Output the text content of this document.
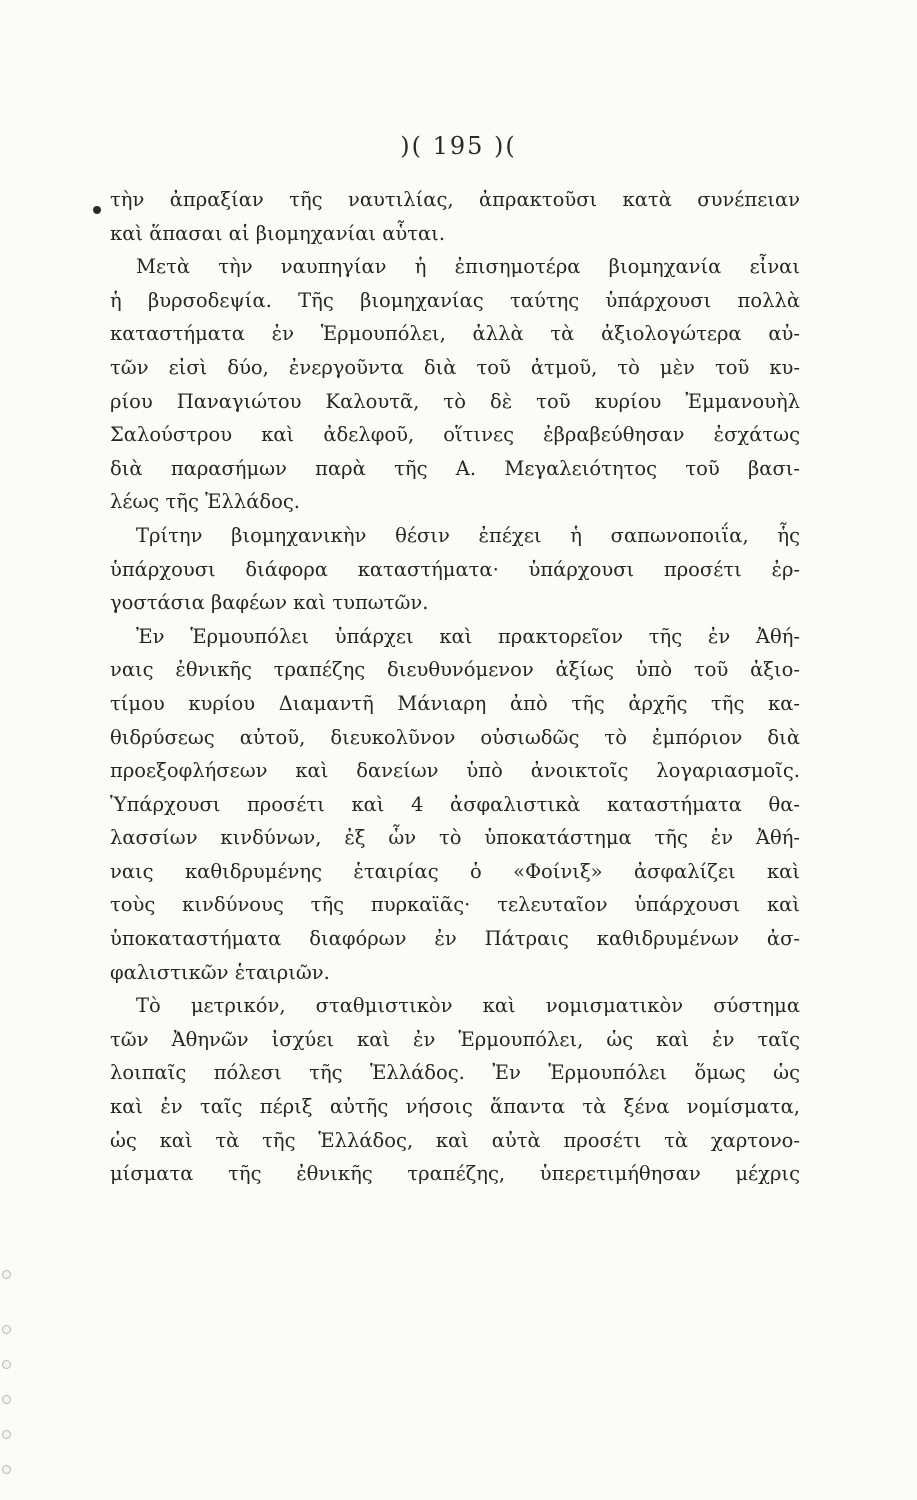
)( 195 )(
τὴν ἀπραξίαν τῆς ναυτιλίας, ἀπρακτοῦσι κατὰ συνέπειαν
καὶ ἅπασαι αἱ βιομηχανίαι αὗται.
Μετὰ τὴν ναυπηγίαν ἡ ἐπισημοτέρα βιομηχανία εἶναι
ἡ βυρσοδεψία. Τῆς βιομηχανίας ταύτης ὑπάρχουσι πολλὰ
καταστήματα ἐν Ἑρμουπόλει, ἀλλὰ τὰ ἀξιολογώτερα αὐ-
τῶν εἰσὶ δύο, ἐνεργοῦντα διὰ τοῦ ἀτμοῦ, τὸ μὲν τοῦ κυ-
ρίου Παναγιώτου Καλουτᾶ, τὸ δὲ τοῦ κυρίου Ἐμμανουὴλ
Σαλούστρου καὶ ἀδελφοῦ, οἵτινες ἐβραβεύθησαν ἐσχάτως
διὰ παρασήμων παρὰ τῆς Α. Μεγαλειότητος τοῦ βασι-
λέως τῆς Ἑλλάδος.
Τρίτην βιομηχανικὴν θέσιν ἐπέχει ἡ σαπωνοποιΐα, ἧς
ὑπάρχουσι διάφορα καταστήματα· ὑπάρχουσι προσέτι ἐρ-
γοστάσια βαφέων καὶ τυπωτῶν.
Ἐν Ἑρμουπόλει ὑπάρχει καὶ πρακτορεῖον τῆς ἐν Ἀθή-
ναις ἐθνικῆς τραπέζης διευθυνόμενον ἀξίως ὑπὸ τοῦ ἀξιο-
τίμου κυρίου Διαμαντῆ Μάνιαρη ἀπὸ τῆς ἀρχῆς τῆς κα-
θιδρύσεως αὐτοῦ, διευκολῦνον οὐσιωδῶς τὸ ἐμπόριον διὰ
προεξοφλήσεων καὶ δανείων ὑπὸ ἀνοικτοῖς λογαριασμοῖς.
Ὑπάρχουσι προσέτι καὶ 4 ἀσφαλιστικὰ καταστήματα θα-
λασσίων κινδύνων, ἐξ ὧν τὸ ὑποκατάστημα τῆς ἐν Ἀθή-
ναις καθιδρυμένης ἑταιρίας ὁ «Φοίνιξ» ἀσφαλίζει καὶ
τοὺς κινδύνους τῆς πυρκαϊᾶς· τελευταῖον ὑπάρχουσι καὶ
ὑποκαταστήματα διαφόρων ἐν Πάτραις καθιδρυμένων ἀσ-
φαλιστικῶν ἑταιριῶν.
Τὸ μετρικόν, σταθμιστικὸν καὶ νομισματικὸν σύστημα
τῶν Ἀθηνῶν ἰσχύει καὶ ἐν Ἑρμουπόλει, ὡς καὶ ἐν ταῖς
λοιπαῖς πόλεσι τῆς Ἑλλάδος. Ἐν Ἑρμουπόλει ὅμως ὡς
καὶ ἐν ταῖς πέριξ αὐτῆς νήσοις ἅπαντα τὰ ξένα νομίσματα,
ὡς καὶ τὰ τῆς Ἑλλάδος, καὶ αὐτὰ προσέτι τὰ χαρτονο-
μίσματα τῆς ἐθνικῆς τραπέζης, ὑπερετιμήθησαν μέχρις
